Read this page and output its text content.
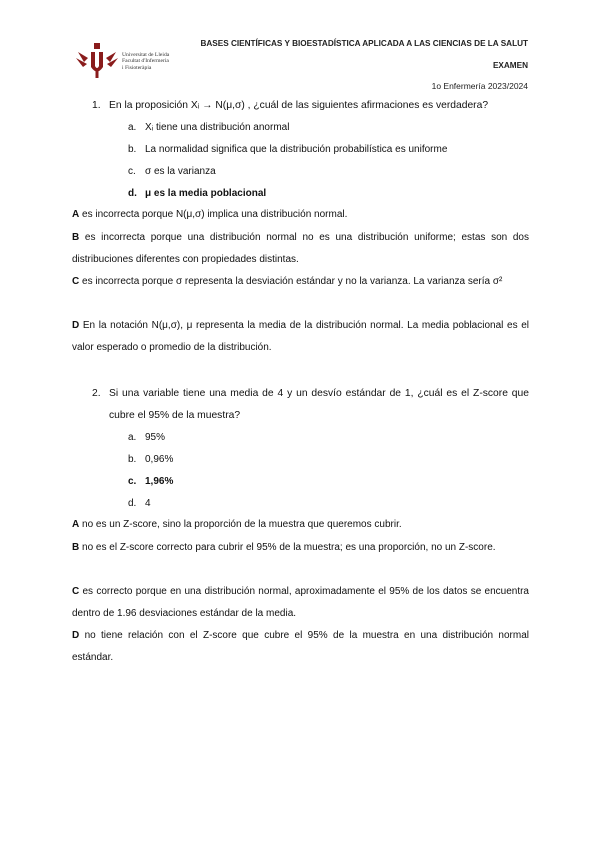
Universitat de Lleida
Facultat d'Infermeria
i Fisioteràpia
BASES CIENTÍFICAS Y BIOESTADÍSTICA APLICADA A LAS CIENCIAS DE LA SALUT
EXAMEN
1o Enfermería 2023/2024
1. En la proposición Xᵢ → N(μ,σ) , ¿cuál de las siguientes afirmaciones es verdadera?
a. Xᵢ tiene una distribución anormal
b. La normalidad significa que la distribución probabilística es uniforme
c. σ es la varianza
d. μ es la media poblacional
A es incorrecta porque N(μ,σ) implica una distribución normal.
B es incorrecta porque una distribución normal no es una distribución uniforme; estas son dos distribuciones diferentes con propiedades distintas.
C es incorrecta porque σ representa la desviación estándar y no la varianza. La varianza sería σ²
D En la notación N(μ,σ), μ representa la media de la distribución normal. La media poblacional es el valor esperado o promedio de la distribución.
2. Si una variable tiene una media de 4 y un desvío estándar de 1, ¿cuál es el Z-score que cubre el 95% de la muestra?
a. 95%
b. 0,96%
c. 1,96%
d. 4
A no es un Z-score, sino la proporción de la muestra que queremos cubrir.
B no es el Z-score correcto para cubrir el 95% de la muestra; es una proporción, no un Z-score.
C es correcto porque en una distribución normal, aproximadamente el 95% de los datos se encuentra dentro de 1.96 desviaciones estándar de la media.
D no tiene relación con el Z-score que cubre el 95% de la muestra en una distribución normal estándar.
